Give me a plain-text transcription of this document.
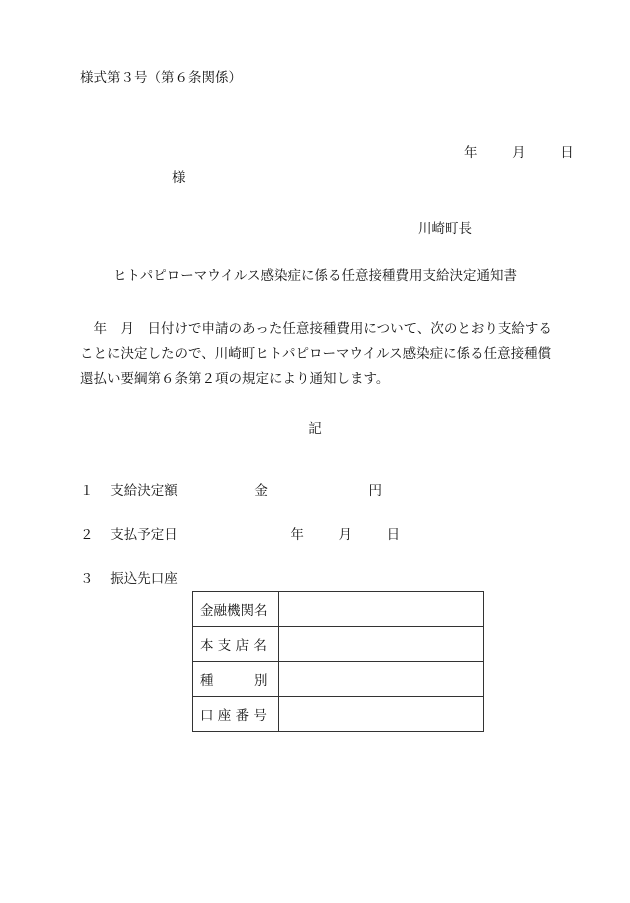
様式第３号（第６条関係）
年	月	日
様
川崎町長
ヒトパピローマウイルス感染症に係る任意接種費用支給決定通知書
　年　月　日付けで申請のあった任意接種費用について、次のとおり支給する
ことに決定したので、川崎町ヒトパピローマウイルス感染症に係る任意接種償
還払い要綱第６条第２項の規定により通知します。
記
１ 支給決定額	金	円
２ 支払予定日	年	月	日
３ 振込先口座
金融機関名	
本 支 店 名	
種　　　別	
口 座 番 号	
